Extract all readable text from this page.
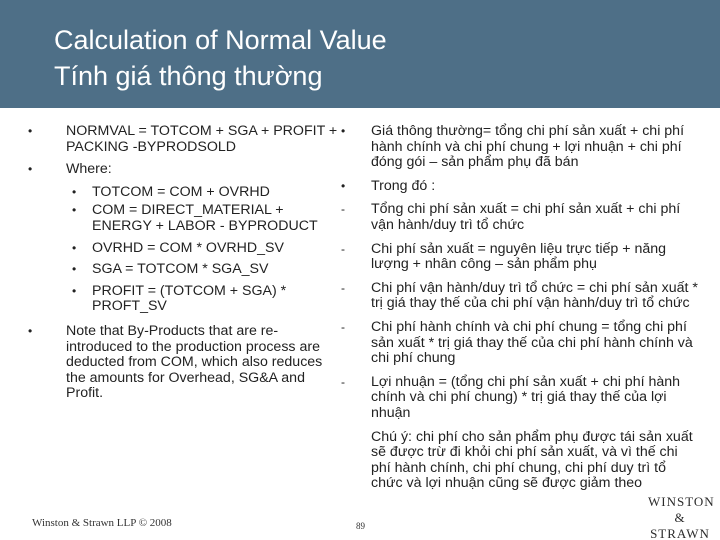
Calculation of Normal Value
Tính giá thông thường
•	NORMVAL = TOTCOM + SGA + PROFIT + PACKING -BYPRODSOLD
•	Where:
•	TOTCOM = COM + OVRHD
•	COM = DIRECT_MATERIAL + ENERGY + LABOR - BYPRODUCT
•	OVRHD = COM * OVRHD_SV
•	SGA = TOTCOM * SGA_SV
•	PROFIT = (TOTCOM + SGA) * PROFT_SV
•	Note that By-Products that are re-introduced to the production process are deducted from COM, which also reduces the amounts for Overhead, SG&A and Profit.
•	Giá thông thường= tổng chi phí sản xuất + chi phí hành chính và chi phí chung + lợi nhuận + chi phí đóng gói – sản phẩm phụ đã bán
•	Trong đó :
-	Tổng chi phí sản xuất = chi phí sản xuất + chi phí vận hành/duy trì tổ chức
-	Chi phí sản xuất = nguyên liệu trực tiếp + năng lượng + nhân công – sản phẩm phụ
-	Chi phí vận hành/duy trì tổ chức = chi phí sản xuất * trị giá thay thế của chi phí vận hành/duy trì tổ chức
-	Chi phí hành chính và chi phí chung = tổng chi phí sản xuất * trị giá thay thế của chi phí hành chính và chi phí chung
-	Lợi nhuận = (tổng chi phí sản xuất + chi phí hành chính và chi phí chung) * trị giá thay thế của lợi nhuận
Chú ý: chi phí cho sản phẩm phụ được tái sản xuất sẽ được trừ đi khỏi chi phí sản xuất, và vì thế chi phí hành chính, chi phí chung, chi phí duy trì tổ chức và lợi nhuận cũng sẽ được giảm theo
Winston & Strawn LLP © 2008	89
WINSTON
& STRAWN
